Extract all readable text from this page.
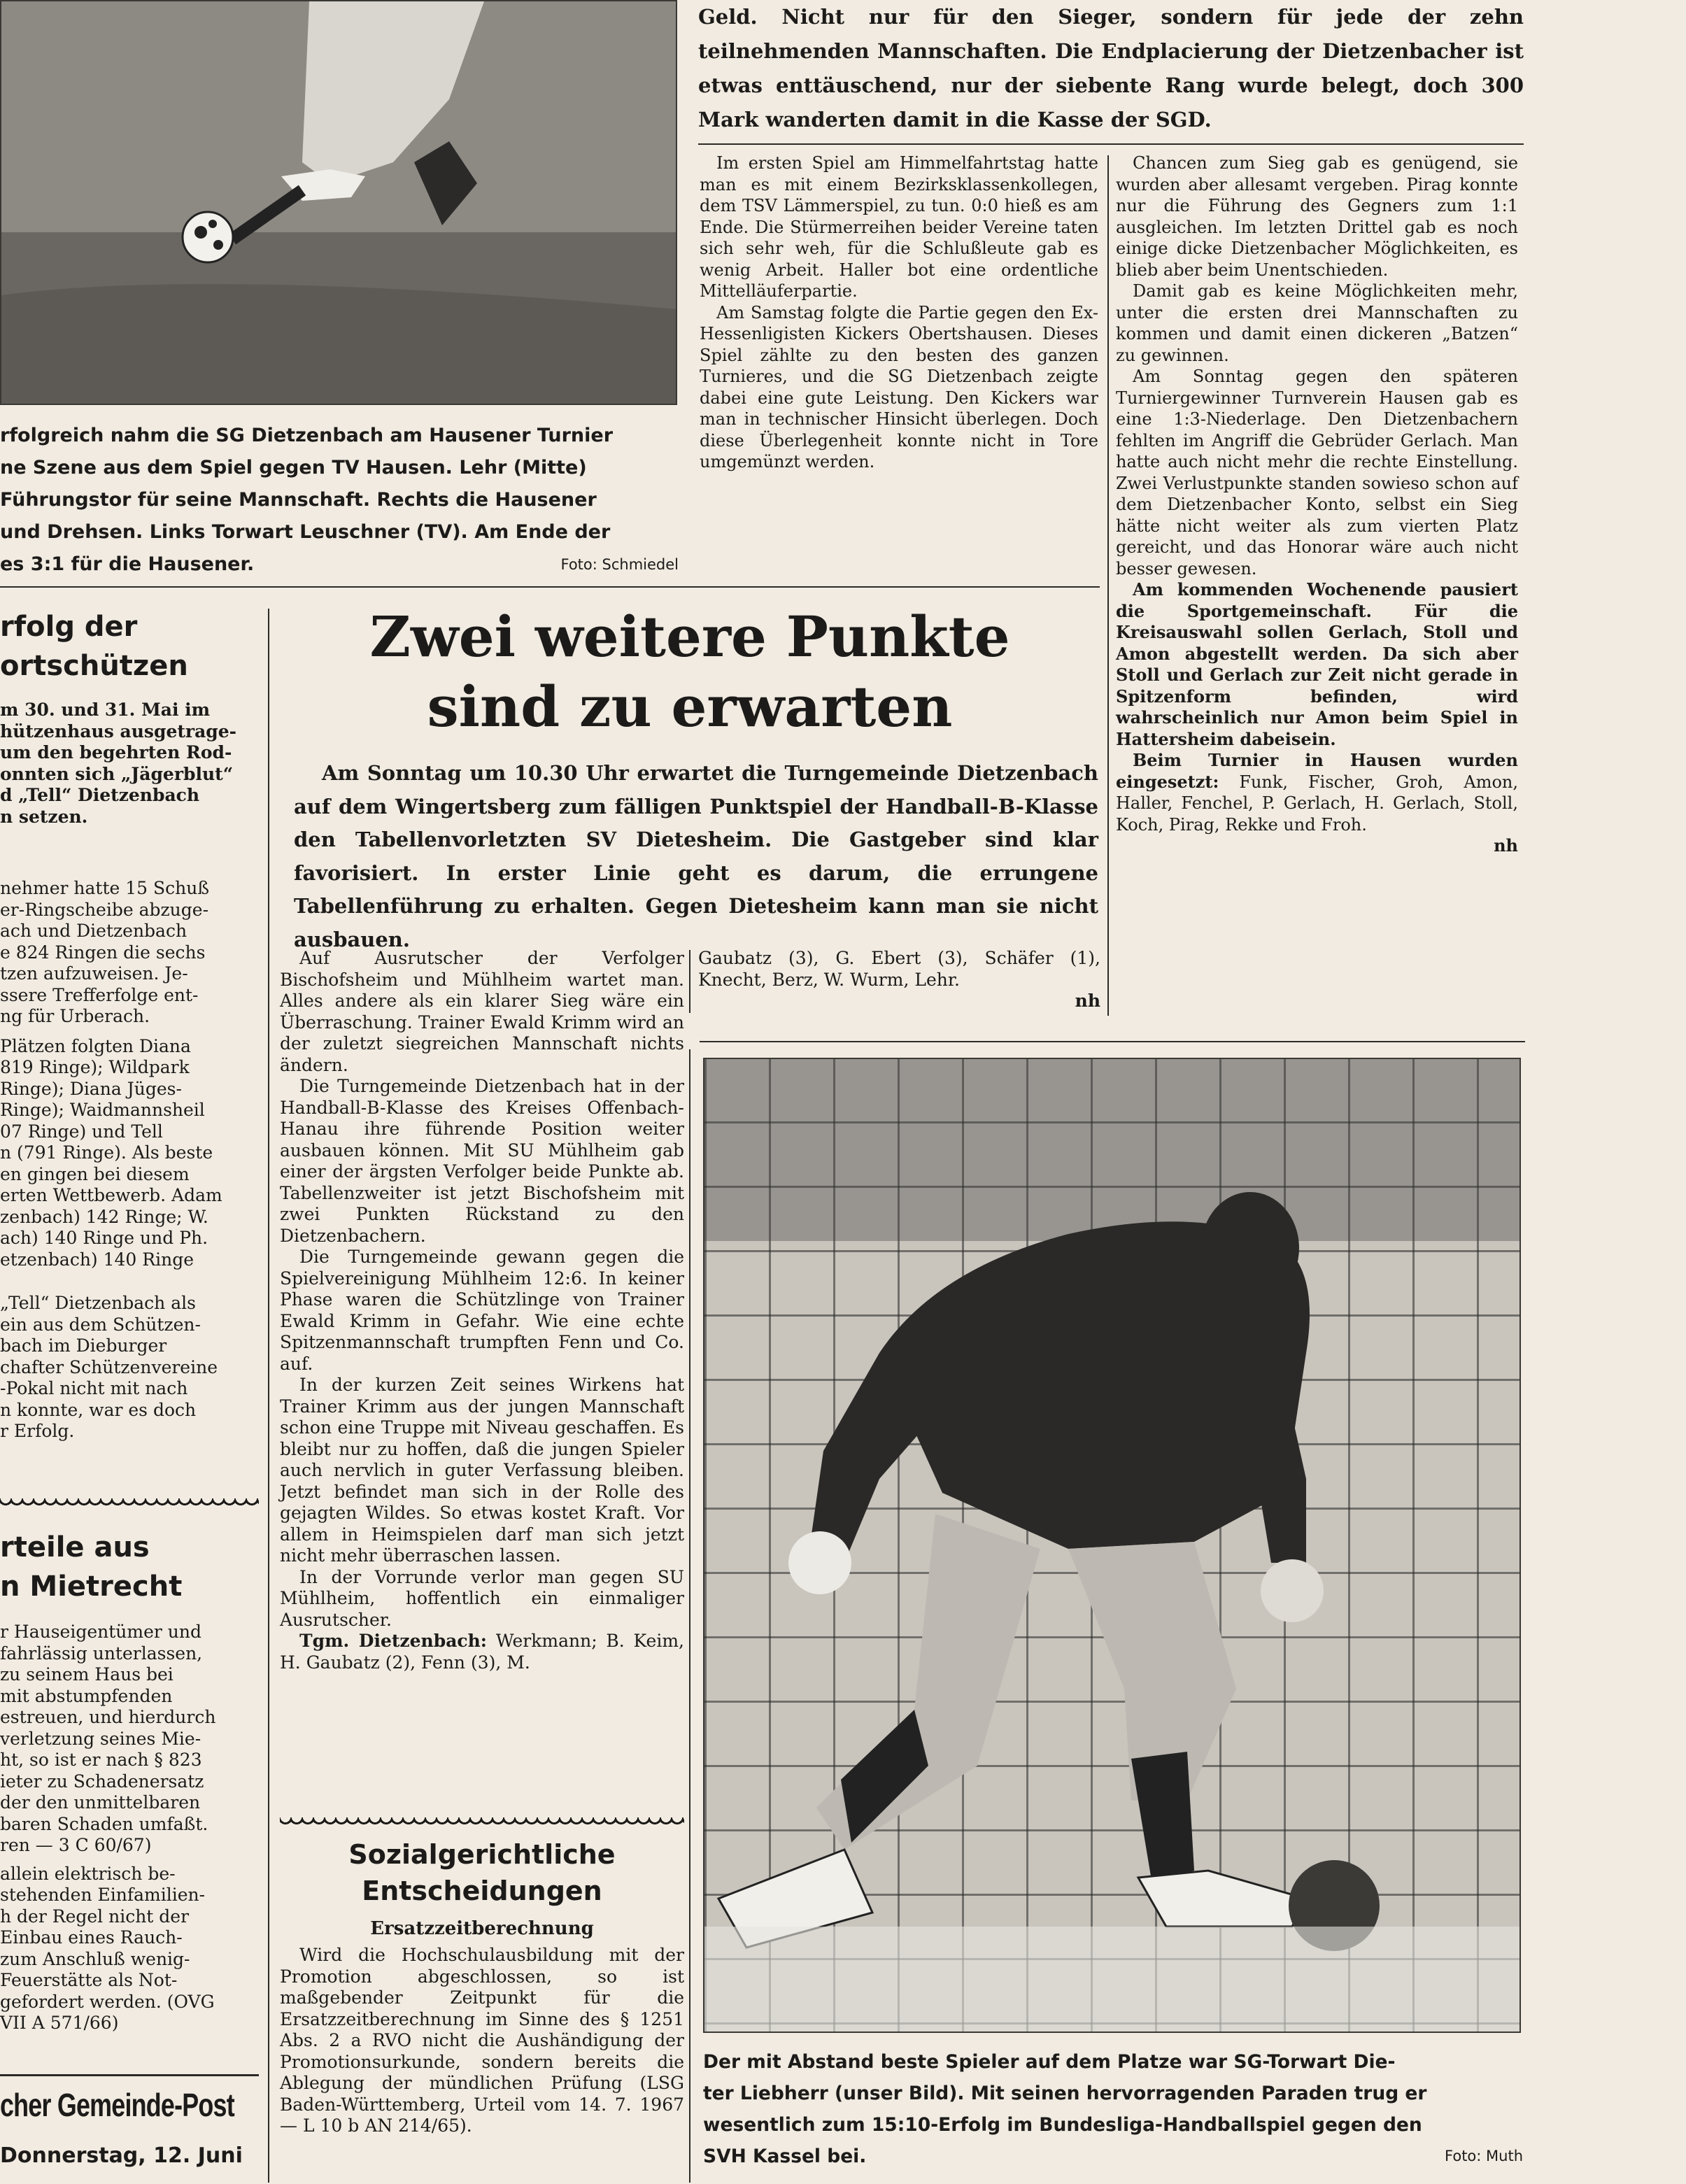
rfolgreich nahm die SG Dietzenbach am Hausener Turnier

ne Szene aus dem Spiel gegen TV Hausen. Lehr (Mitte)

Führungstor für seine Mannschaft. Rechts die Hausener

und Drehsen. Links Torwart Leuschner (TV). Am Ende der

es 3:1 für die Hausener.	Foto: Schmiedel

Geld. Nicht nur für den Sieger, sondern für jede der zehn teilnehmenden Mannschaften. Die Endplacierung der Dietzenbacher ist etwas enttäuschend, nur der siebente Rang wurde belegt, doch 300 Mark wanderten damit in die Kasse der SGD.

Im ersten Spiel am Himmelfahrtstag hatte man es mit einem Bezirksklassenkollegen, dem TSV Lämmerspiel, zu tun. 0:0 hieß es am Ende. Die Stürmerreihen beider Vereine taten sich sehr weh, für die Schlußleute gab es wenig Arbeit. Haller bot eine ordentliche Mittelläuferpartie.

Am Samstag folgte die Partie gegen den Ex-Hessenligisten Kickers Obertshausen. Dieses Spiel zählte zu den besten des ganzen Turnieres, und die SG Dietzenbach zeigte dabei eine gute Leistung. Den Kickers war man in technischer Hinsicht überlegen. Doch diese Überlegenheit konnte nicht in Tore umgemünzt werden.

Chancen zum Sieg gab es genügend, sie wurden aber allesamt vergeben. Pirag konnte nur die Führung des Gegners zum 1:1 ausgleichen. Im letzten Drittel gab es noch einige dicke Dietzenbacher Möglichkeiten, es blieb aber beim Unentschieden.

Damit gab es keine Möglichkeiten mehr, unter die ersten drei Mannschaften zu kommen und damit einen dickeren „Batzen“ zu gewinnen.

Am Sonntag gegen den späteren Turniergewinner Turnverein Hausen gab es eine 1:3-Niederlage. Den Dietzenbachern fehlten im Angriff die Gebrüder Gerlach. Man hatte auch nicht mehr die rechte Einstellung. Zwei Verlustpunkte standen sowieso schon auf dem Dietzenbacher Konto, selbst ein Sieg hätte nicht weiter als zum vierten Platz gereicht, und das Honorar wäre auch nicht besser gewesen.

Am kommenden Wochenende pausiert die Sportgemeinschaft. Für die Kreisauswahl sollen Gerlach, Stoll und Amon abgestellt werden. Da sich aber Stoll und Gerlach zur Zeit nicht gerade in Spitzenform befinden, wird wahrscheinlich nur Amon beim Spiel in Hattersheim dabeisein.

Beim Turnier in Hausen wurden eingesetzt: Funk, Fischer, Groh, Amon, Haller, Fenchel, P. Gerlach, H. Gerlach, Stoll, Koch, Pirag, Rekke und Froh.

nh

rfolg der

ortschützen

m 30. und 31. Mai im

hützenhaus ausgetrage-

um den begehrten Rod-

onnten sich „Jägerblut“

d „Tell“ Dietzenbach

n setzen.

nehmer hatte 15 Schuß

er-Ringscheibe abzuge-

ach und Dietzenbach

e 824 Ringen die sechs

tzen aufzuweisen. Je-

ssere Trefferfolge ent-

ng für Urberach.

Plätzen folgten Diana

819 Ringe); Wildpark

Ringe); Diana Jüges-

Ringe); Waidmannsheil

07 Ringe) und Tell

n (791 Ringe). Als beste

en gingen bei diesem

erten Wettbewerb. Adam

zenbach) 142 Ringe; W.

ach) 140 Ringe und Ph.

etzenbach) 140 Ringe

„Tell“ Dietzenbach als

ein aus dem Schützen-

bach im Dieburger

chafter Schützenvereine

-Pokal nicht mit nach

n konnte, war es doch

r Erfolg.

rteile aus

n Mietrecht

r Hauseigentümer und

fahrlässig unterlassen,

zu seinem Haus bei

mit abstumpfenden

estreuen, und hierdurch

verletzung seines Mie-

ht, so ist er nach § 823

ieter zu Schadenersatz

der den unmittelbaren

baren Schaden umfaßt.

ren — 3 C 60/67)

allein elektrisch be-

stehenden Einfamilien-

h der Regel nicht der

Einbau eines Rauch-

zum Anschluß wenig-

Feuerstätte als Not-

gefordert werden. (OVG

VII A 571/66)

cher Gemeinde-Post
Donnerstag, 12. Juni
Zwei weitere Punkte
sind zu erwarten
Am Sonntag um 10.30 Uhr erwartet die Turngemeinde Dietzenbach auf dem Wingertsberg zum fälligen Punktspiel der Handball-B-Klasse den Tabellenvorletzten SV Dietesheim. Die Gastgeber sind klar favorisiert. In erster Linie geht es darum, die errungene Tabellenführung zu erhalten. Gegen Dietesheim kann man sie nicht ausbauen.

Auf Ausrutscher der Verfolger Bischofsheim und Mühlheim wartet man. Alles andere als ein klarer Sieg wäre ein Überraschung. Trainer Ewald Krimm wird an der zuletzt siegreichen Mannschaft nichts ändern.

Die Turngemeinde Dietzenbach hat in der Handball-B-Klasse des Kreises Offenbach-Hanau ihre führende Position weiter ausbauen können. Mit SU Mühlheim gab einer der ärgsten Verfolger beide Punkte ab. Tabellenzweiter ist jetzt Bischofsheim mit zwei Punkten Rückstand zu den Dietzenbachern.

Die Turngemeinde gewann gegen die Spielvereinigung Mühlheim 12:6. In keiner Phase waren die Schützlinge von Trainer Ewald Krimm in Gefahr. Wie eine echte Spitzenmannschaft trumpften Fenn und Co. auf.

In der kurzen Zeit seines Wirkens hat Trainer Krimm aus der jungen Mannschaft schon eine Truppe mit Niveau geschaffen. Es bleibt nur zu hoffen, daß die jungen Spieler auch nervlich in guter Verfassung bleiben. Jetzt befindet man sich in der Rolle des gejagten Wildes. So etwas kostet Kraft. Vor allem in Heimspielen darf man sich jetzt nicht mehr überraschen lassen.

In der Vorrunde verlor man gegen SU Mühlheim, hoffentlich ein einmaliger Ausrutscher.

Tgm. Dietzenbach: Werkmann; B. Keim, H. Gaubatz (2), Fenn (3), M.

Gaubatz (3), G. Ebert (3), Schäfer (1), Knecht, Berz, W. Wurm, Lehr.

nh

Sozialgerichtliche
Entscheidungen
Ersatzzeitberechnung

Wird die Hochschulausbildung mit der Promotion abgeschlossen, so ist maßgebender Zeitpunkt für die Ersatzzeitberechnung im Sinne des § 1251 Abs. 2 a RVO nicht die Aushändigung der Promotionsurkunde, sondern bereits die Ablegung der mündlichen Prüfung (LSG Baden-Württemberg, Urteil vom 14. 7. 1967 — L 10 b AN 214/65).

Der mit Abstand beste Spieler auf dem Platze war SG-Torwart Die-

ter Liebherr (unser Bild). Mit seinen hervorragenden Paraden trug er

wesentlich zum 15:10-Erfolg im Bundesliga-Handballspiel gegen den

SVH Kassel bei.	Foto: Muth
